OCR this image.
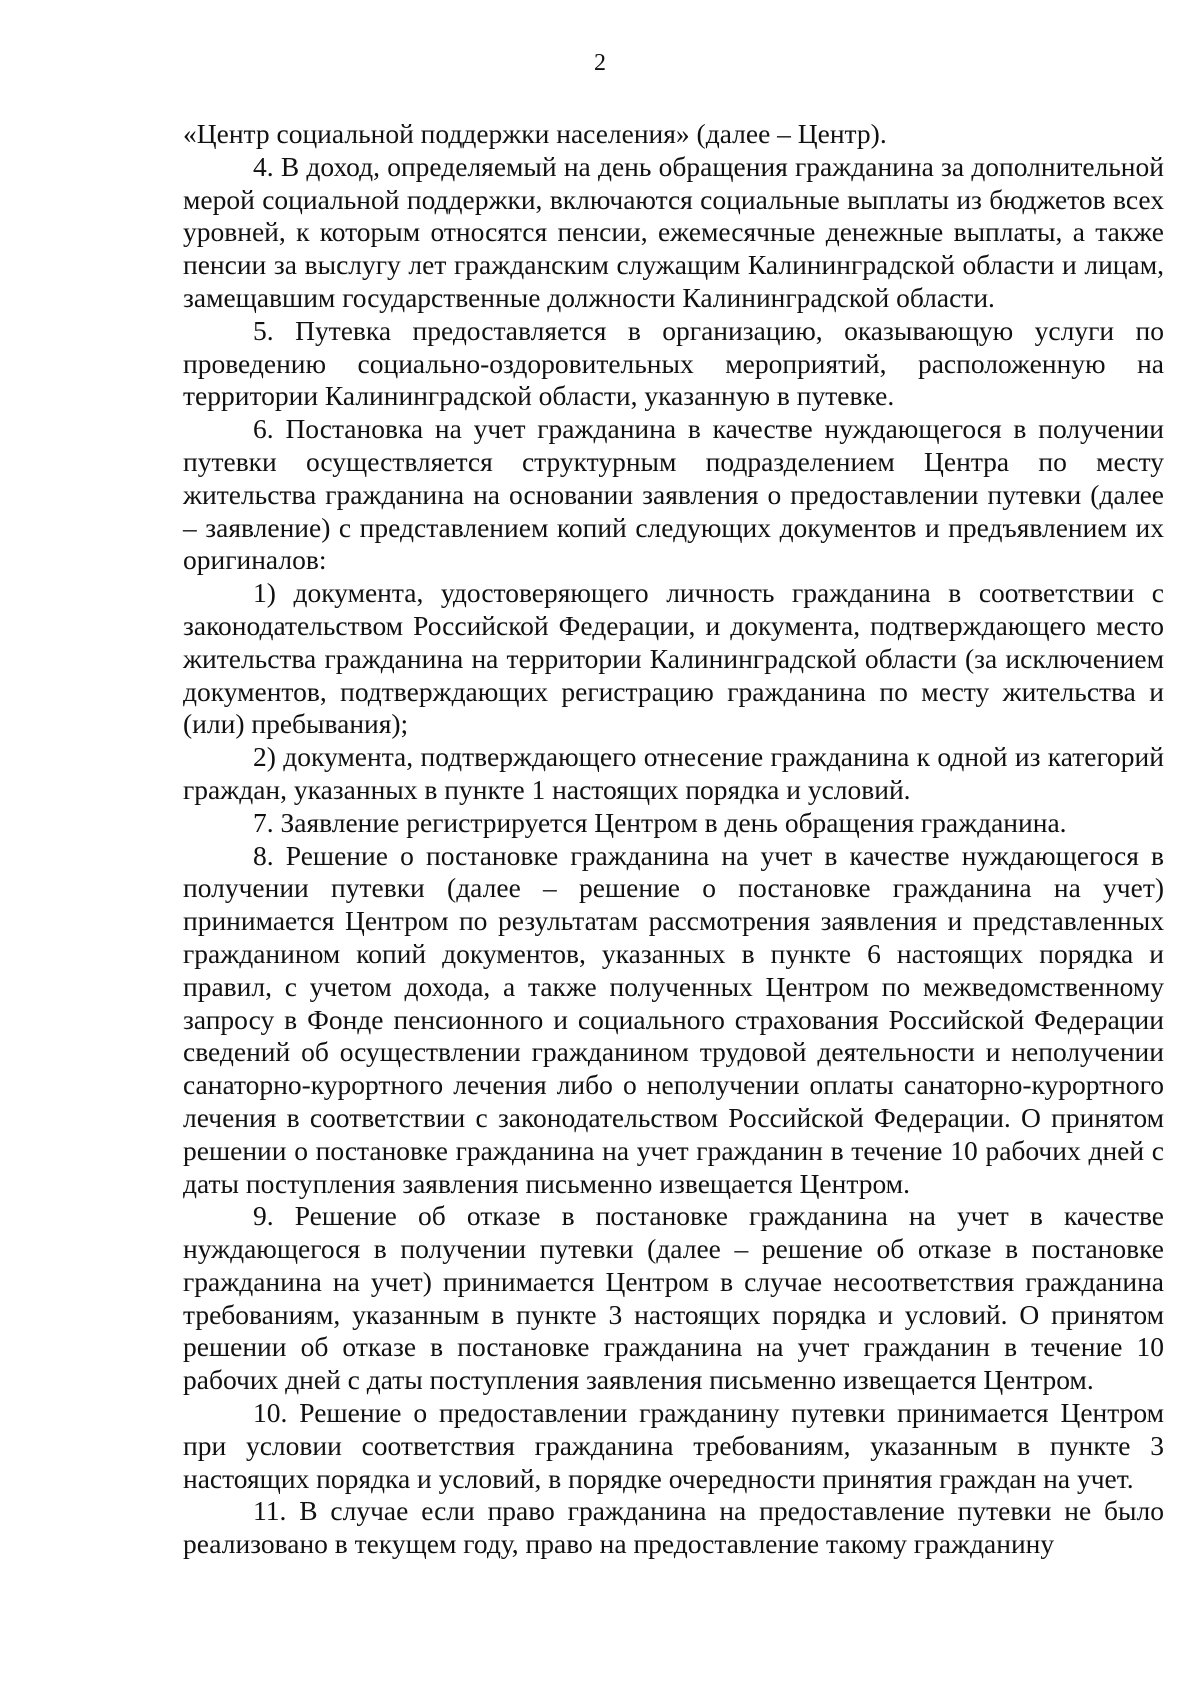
2

«Центр социальной поддержки населения» (далее – Центр).

4. В доход, определяемый на день обращения гражданина за дополнительной мерой социальной поддержки, включаются социальные выплаты из бюджетов всех уровней, к которым относятся пенсии, ежемесячные денежные выплаты, а также пенсии за выслугу лет гражданским служащим Калининградской области и лицам, замещавшим государственные должности Калининградской области.

5. Путевка предоставляется в организацию, оказывающую услуги по проведению социально-оздоровительных мероприятий, расположенную на территории Калининградской области, указанную в путевке.

6. Постановка на учет гражданина в качестве нуждающегося в получении путевки осуществляется структурным подразделением Центра по месту жительства гражданина на основании заявления о предоставлении путевки (далее – заявление) с представлением копий следующих документов и предъявлением их оригиналов:

1) документа, удостоверяющего личность гражданина в соответствии с законодательством Российской Федерации, и документа, подтверждающего место жительства гражданина на территории Калининградской области (за исключением документов, подтверждающих регистрацию гражданина по месту жительства и (или) пребывания);

2) документа, подтверждающего отнесение гражданина к одной из категорий граждан, указанных в пункте 1 настоящих порядка и условий.

7. Заявление регистрируется Центром в день обращения гражданина.

8. Решение о постановке гражданина на учет в качестве нуждающегося в получении путевки (далее – решение о постановке гражданина на учет) принимается Центром по результатам рассмотрения заявления и представленных гражданином копий документов, указанных в пункте 6 настоящих порядка и правил, с учетом дохода, а также полученных Центром по межведомственному запросу в Фонде пенсионного и социального страхования Российской Федерации сведений об осуществлении гражданином трудовой деятельности и неполучении санаторно-курортного лечения либо о неполучении оплаты санаторно-курортного лечения в соответствии с законодательством Российской Федерации. О принятом решении о постановке гражданина на учет гражданин в течение 10 рабочих дней с даты поступления заявления письменно извещается Центром.

9. Решение об отказе в постановке гражданина на учет в качестве нуждающегося в получении путевки (далее – решение об отказе в постановке гражданина на учет) принимается Центром в случае несоответствия гражданина требованиям, указанным в пункте 3 настоящих порядка и условий. О принятом решении об отказе в постановке гражданина на учет гражданин в течение 10 рабочих дней с даты поступления заявления письменно извещается Центром.

10. Решение о предоставлении гражданину путевки принимается Центром при условии соответствия гражданина требованиям, указанным в пункте 3 настоящих порядка и условий, в порядке очередности принятия граждан на учет.

11. В случае если право гражданина на предоставление путевки не было реализовано в текущем году, право на предоставление такому гражданину
